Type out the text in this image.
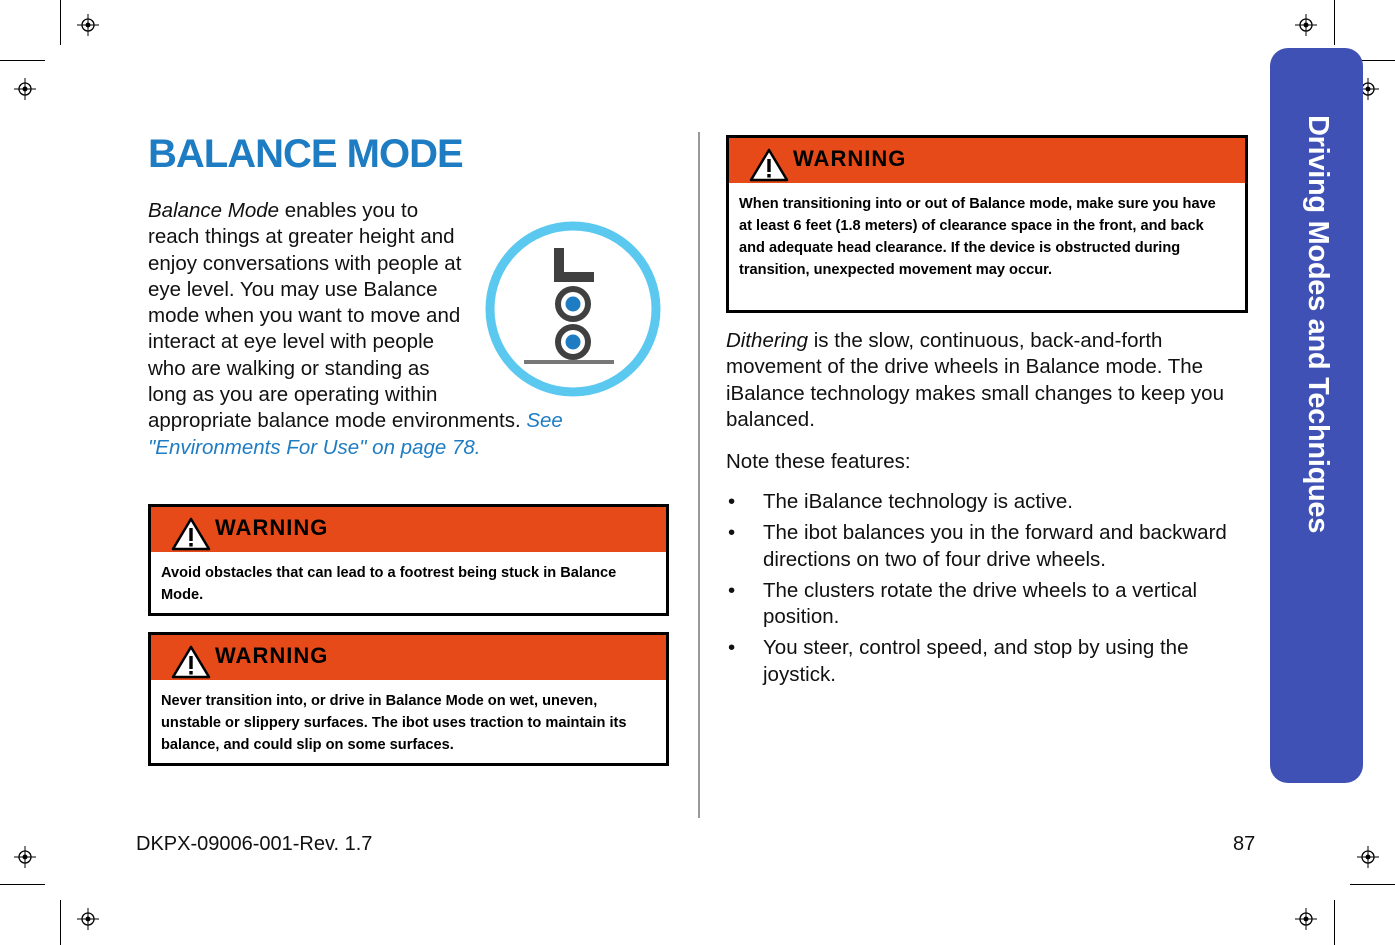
Driving Modes and Techniques
BALANCE MODE

Balance Mode enables you to reach things at greater height and enjoy conversations with people at eye level. You may use Balance mode when you want to move and interact at eye level with people who are walking or standing as long as you are operating within
appropriate balance mode environments. See "Environments For Use" on page 78.

WARNING
Avoid obstacles that can lead to a footrest being stuck in Balance Mode.
WARNING
Never transition into, or drive in Balance Mode on wet, uneven, unstable or slippery surfaces. The ibot uses traction to maintain its balance, and could slip on some surfaces.
WARNING
When transitioning into or out of Balance mode, make sure you have at least 6 feet (1.8 meters) of clearance space in the front, and back and adequate head clearance. If the device is obstructed during transition, unexpected movement may occur.

Dithering is the slow, continuous, back-and-forth movement of the drive wheels in Balance mode. The iBalance technology makes small changes to keep you balanced.

Note these features:

• The iBalance technology is active.
• The ibot balances you in the forward and backward directions on two of four drive wheels.
• The clusters rotate the drive wheels to a vertical position.
• You steer, control speed, and stop by using the joystick.
DKPX-09006-001-Rev. 1.7	87
